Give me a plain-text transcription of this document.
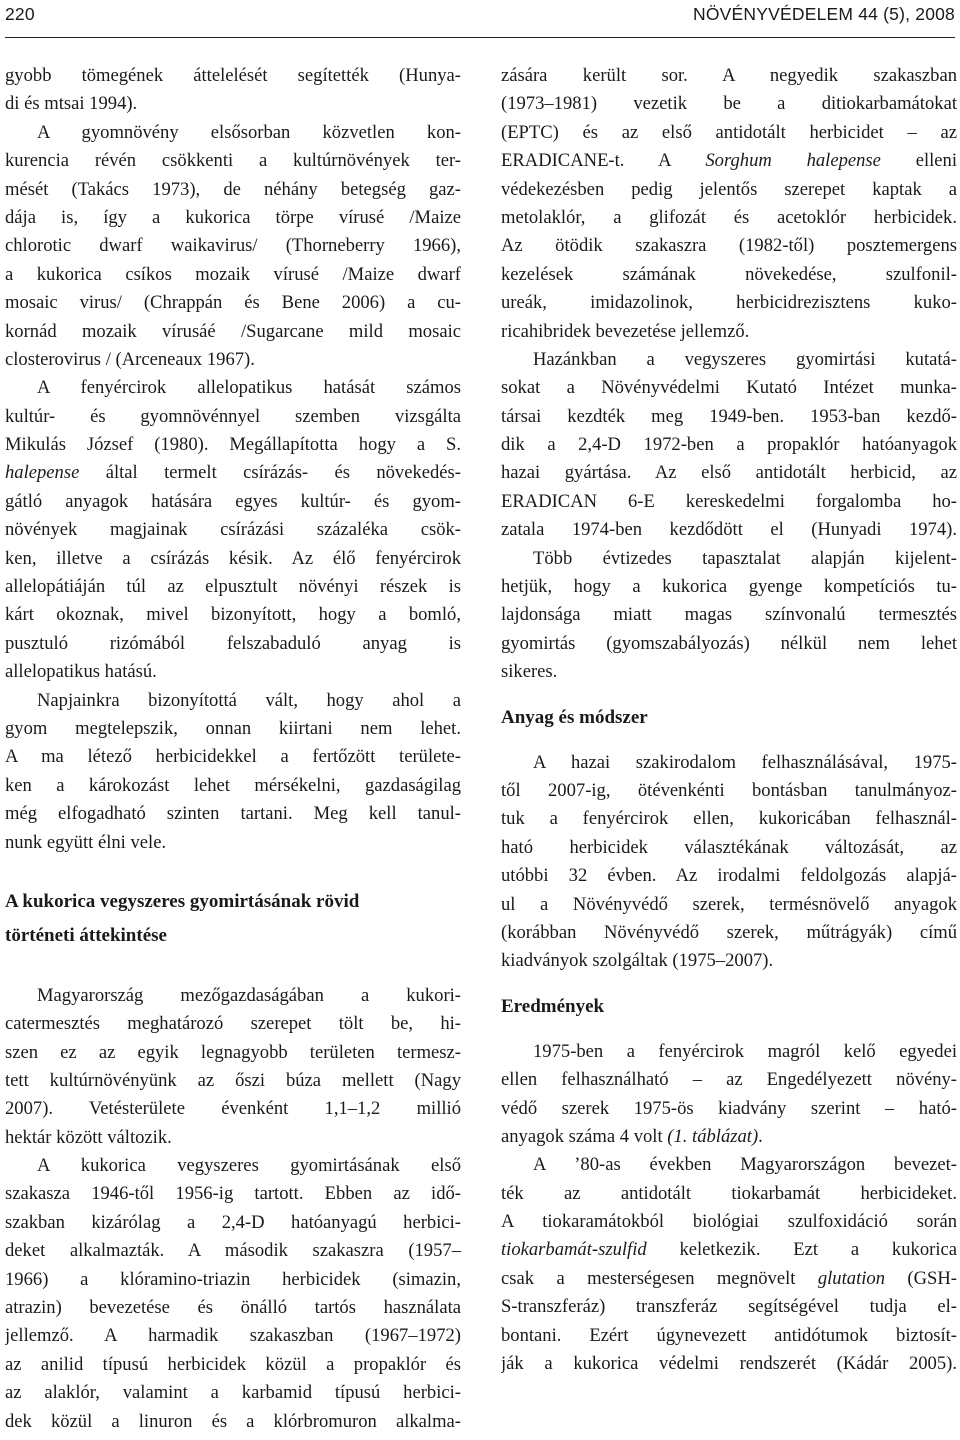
220	NÖVÉNYVÉDELEM 44 (5), 2008
gyobb tömegének áttelelését segítették (Hunya-
di és mtsai 1994).
A gyomnövény elsősorban közvetlen kon-
kurencia révén csökkenti a kultúrnövények ter-
mését (Takács 1973), de néhány betegség gaz-
dája is, így a kukorica törpe vírusé /Maize
chlorotic dwarf waikavirus/ (Thorneberry 1966),
a kukorica csíkos mozaik vírusé /Maize dwarf
mosaic virus/ (Chrappán és Bene 2006) a cu-
kornád mozaik vírusáé /Sugarcane mild mosaic
closterovirus / (Arceneaux 1967).
A fenyércirok allelopatikus hatását számos
kultúr- és gyomnövénnyel szemben vizsgálta
Mikulás József (1980). Megállapította hogy a S.
halepense által termelt csírázás- és növekedés-
gátló anyagok hatására egyes kultúr- és gyom-
növények magjainak csírázási százaléka csök-
ken, illetve a csírázás késik. Az élő fenyércirok
allelopátiáján túl az elpusztult növényi részek is
kárt okoznak, mivel bizonyított, hogy a bomló,
pusztuló rizómából felszabaduló anyag is
allelopatikus hatású.
Napjainkra bizonyítottá vált, hogy ahol a
gyom megtelepszik, onnan kiirtani nem lehet.
A ma létező herbicidekkel a fertőzött területe-
ken a károkozást lehet mérsékelni, gazdaságilag
még elfogadható szinten tartani. Meg kell tanul-
nunk együtt élni vele.
A kukorica vegyszeres gyomirtásának rövid
történeti áttekintése
Magyarország mezőgazdaságában a kukori-
catermesztés meghatározó szerepet tölt be, hi-
szen ez az egyik legnagyobb területen termesz-
tett kultúrnövényünk az őszi búza mellett (Nagy
2007). Vetésterülete évenként 1,1–1,2 millió
hektár között változik.
A kukorica vegyszeres gyomirtásának első
szakasza 1946-től 1956-ig tartott. Ebben az idő-
szakban kizárólag a 2,4-D hatóanyagú herbici-
deket alkalmazták. A második szakaszra (1957–
1966) a klóramino-triazin herbicidek (simazin,
atrazin) bevezetése és önálló tartós használata
jellemző. A harmadik szakaszban (1967–1972)
az anilid típusú herbicidek közül a propaklór és
az alaklór, valamint a karbamid típusú herbici-
dek közül a linuron és a klórbromuron alkalma-
zására került sor. A negyedik szakaszban
(1973–1981) vezetik be a ditiokarbamátokat
(EPTC) és az első antidotált herbicidet – az
ERADICANE-t. A Sorghum halepense elleni
védekezésben pedig jelentős szerepet kaptak a
metolaklór, a glifozát és acetoklór herbicidek.
Az ötödik szakaszra (1982-től) posztemergens
kezelések számának növekedése, szulfonil-
ureák, imidazolinok, herbicidrezisztens kuko-
ricahibridek bevezetése jellemző.
Hazánkban a vegyszeres gyomirtási kutatá-
sokat a Növényvédelmi Kutató Intézet munka-
társai kezdték meg 1949-ben. 1953-ban kezdő-
dik a 2,4-D 1972-ben a propaklór hatóanyagok
hazai gyártása. Az első antidotált herbicid, az
ERADICAN 6-E kereskedelmi forgalomba ho-
zatala 1974-ben kezdődött el (Hunyadi 1974).
Több évtizedes tapasztalat alapján kijelent-
hetjük, hogy a kukorica gyenge kompetíciós tu-
lajdonsága miatt magas színvonalú termesztés
gyomirtás (gyomszabályozás) nélkül nem lehet
sikeres.
Anyag és módszer
A hazai szakirodalom felhasználásával, 1975-
től 2007-ig, ötévenkénti bontásban tanulmányoz-
tuk a fenyércirok ellen, kukoricában felhasznál-
ható herbicidek választékának változását, az
utóbbi 32 évben. Az irodalmi feldolgozás alapjá-
ul a Növényvédő szerek, termésnövelő anyagok
(korábban Növényvédő szerek, műtrágyák) című
kiadványok szolgáltak (1975–2007).
Eredmények
1975-ben a fenyércirok magról kelő egyedei
ellen felhasználható – az Engedélyezett növény-
védő szerek 1975-ös kiadvány szerint – ható-
anyagok száma 4 volt (1. táblázat).
A ’80-as években Magyarországon bevezet-
ték az antidotált tiokarbamát herbicideket.
A tiokaramátokból biológiai szulfoxidáció során
tiokarbamát-szulfid keletkezik. Ezt a kukorica
csak a mesterségesen megnövelt glutation (GSH-
S-transzferáz) transzferáz segítségével tudja el-
bontani. Ezért úgynevezett antidótumok biztosít-
ják a kukorica védelmi rendszerét (Kádár 2005).
